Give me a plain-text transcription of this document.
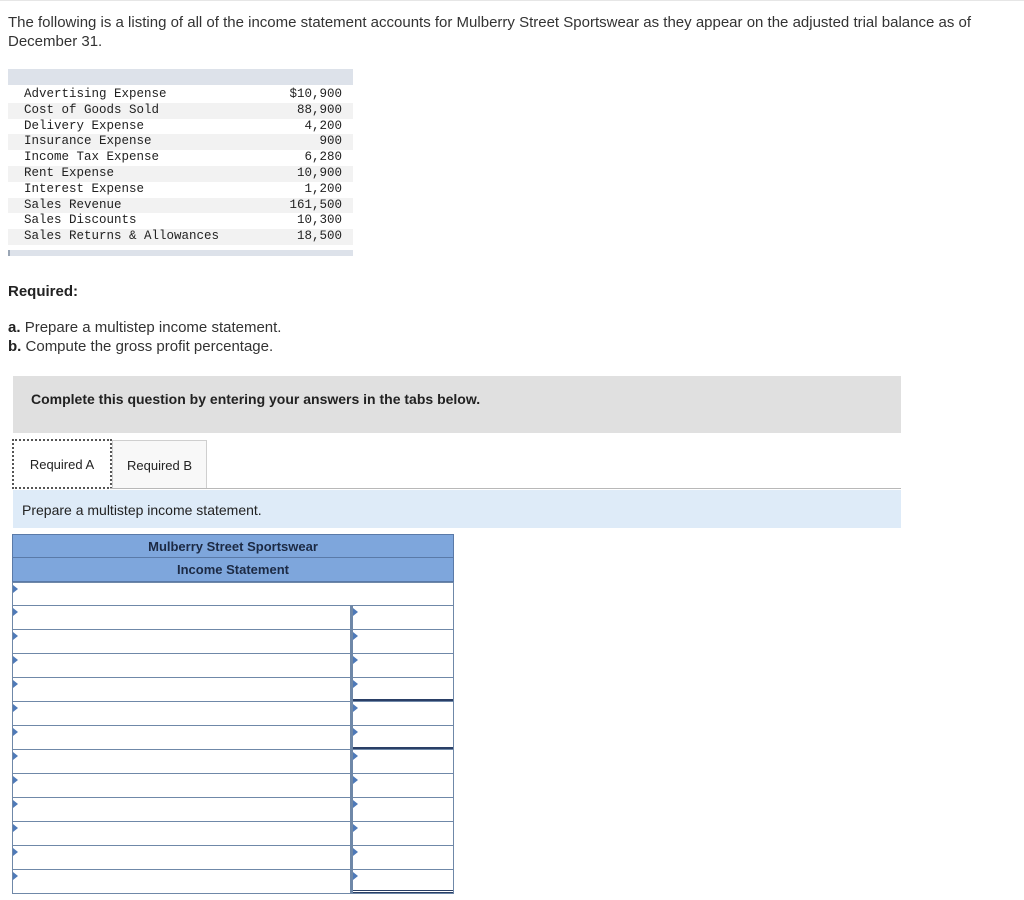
The following is a listing of all of the income statement accounts for Mulberry Street Sportswear as they appear on the adjusted trial balance as of December 31.
Advertising Expense	$10,900
Cost of Goods Sold	88,900
Delivery Expense	4,200
Insurance Expense	900
Income Tax Expense	6,280
Rent Expense	10,900
Interest Expense	1,200
Sales Revenue	161,500
Sales Discounts	10,300
Sales Returns & Allowances	18,500
Required:
a. Prepare a multistep income statement.
b. Compute the gross profit percentage.
Complete this question by entering your answers in the tabs below.
Required A	Required B
Prepare a multistep income statement.
Mulberry Street Sportswear
Income Statement
